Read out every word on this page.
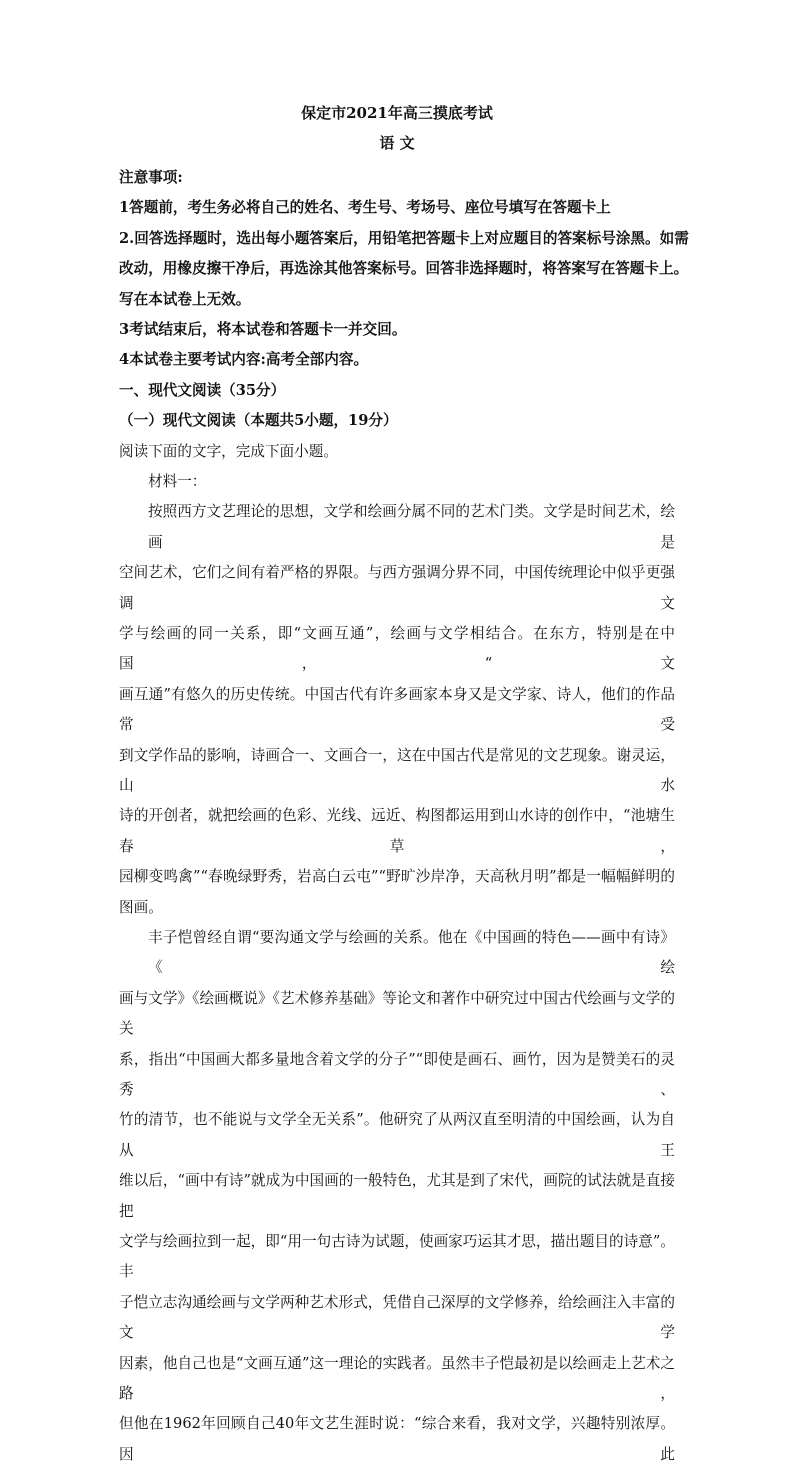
保定市2021年高三摸底考试
语 文
注意事项:
1答题前，考生务必将自己的姓名、考生号、考场号、座位号填写在答题卡上
2.回答选择题时，选出每小题答案后，用铅笔把答题卡上对应题目的答案标号涂黑。如需
改动，用橡皮擦干净后，再选涂其他答案标号。回答非选择题时，将答案写在答题卡上。
写在本试卷上无效。
3考试结束后，将本试卷和答题卡一并交回。
4本试卷主要考试内容:高考全部内容。
一、现代文阅读（35分）
（一）现代文阅读（本题共5小题，19分）
阅读下面的文字，完成下面小题。
材料一：
按照西方文艺理论的思想，文学和绘画分属不同的艺术门类。文学是时间艺术，绘画是
空间艺术，它们之间有着严格的界限。与西方强调分界不同，中国传统理论中似乎更强调文
学与绘画的同一关系，即“文画互通”，绘画与文学相结合。在东方，特别是在中国，“文
画互通”有悠久的历史传统。中国古代有许多画家本身又是文学家、诗人，他们的作品常受
到文学作品的影响，诗画合一、文画合一，这在中国古代是常见的文艺现象。谢灵运，山水
诗的开创者，就把绘画的色彩、光线、远近、构图都运用到山水诗的创作中，“池塘生春草，
园柳变鸣禽”“春晚绿野秀，岩高白云屯”“野旷沙岸净，天高秋月明”都是一幅幅鲜明的
图画。
丰子恺曾经自谓“要沟通文学与绘画的关系。他在《中国画的特色——画中有诗》《绘
画与文学》《绘画概说》《艺术修养基础》等论文和著作中研究过中国古代绘画与文学的关
系，指出“中国画大都多量地含着文学的分子”“即使是画石、画竹，因为是赞美石的灵秀、
竹的清节，也不能说与文学全无关系”。他研究了从两汉直至明清的中国绘画，认为自从王
维以后，“画中有诗”就成为中国画的一般特色，尤其是到了宋代，画院的试法就是直接把
文学与绘画拉到一起，即“用一句古诗为试题，使画家巧运其才思，描出题目的诗意”。丰
子恺立志沟通绘画与文学两种艺术形式，凭借自己深厚的文学修养，给绘画注入丰富的文学
因素，他自己也是“文画互通”这一理论的实践者。虽然丰子恺最初是以绘画走上艺术之路，
但他在1962年回顾自己40年文艺生涯时说：“综合来看，我对文学，兴趣特别浓厚。因此
